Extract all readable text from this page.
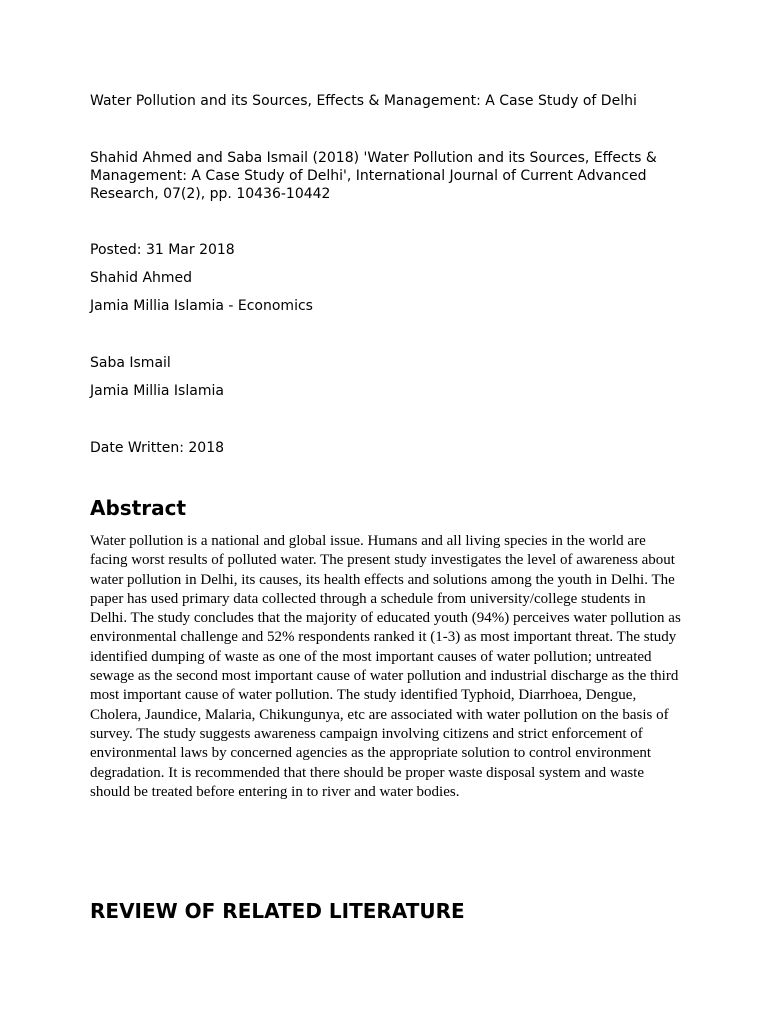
Water Pollution and its Sources, Effects & Management: A Case Study of Delhi

Shahid Ahmed and Saba Ismail (2018) 'Water Pollution and its Sources, Effects & Management: A Case Study of Delhi', International Journal of Current Advanced Research, 07(2), pp. 10436-10442

Posted: 31 Mar 2018

Shahid Ahmed

Jamia Millia Islamia - Economics

Saba Ismail

Jamia Millia Islamia

Date Written: 2018

Abstract

Water pollution is a national and global issue. Humans and all living species in the world are facing worst results of polluted water. The present study investigates the level of awareness about water pollution in Delhi, its causes, its health effects and solutions among the youth in Delhi. The paper has used primary data collected through a schedule from university/college students in Delhi. The study concludes that the majority of educated youth (94%) perceives water pollution as environmental challenge and 52% respondents ranked it (1-3) as most important threat. The study identified dumping of waste as one of the most important causes of water pollution; untreated sewage as the second most important cause of water pollution and industrial discharge as the third most important cause of water pollution. The study identified Typhoid, Diarrhoea, Dengue, Cholera, Jaundice, Malaria, Chikungunya, etc are associated with water pollution on the basis of survey. The study suggests awareness campaign involving citizens and strict enforcement of environmental laws by concerned agencies as the appropriate solution to control environment degradation. It is recommended that there should be proper waste disposal system and waste should be treated before entering in to river and water bodies.

REVIEW OF RELATED LITERATURE
